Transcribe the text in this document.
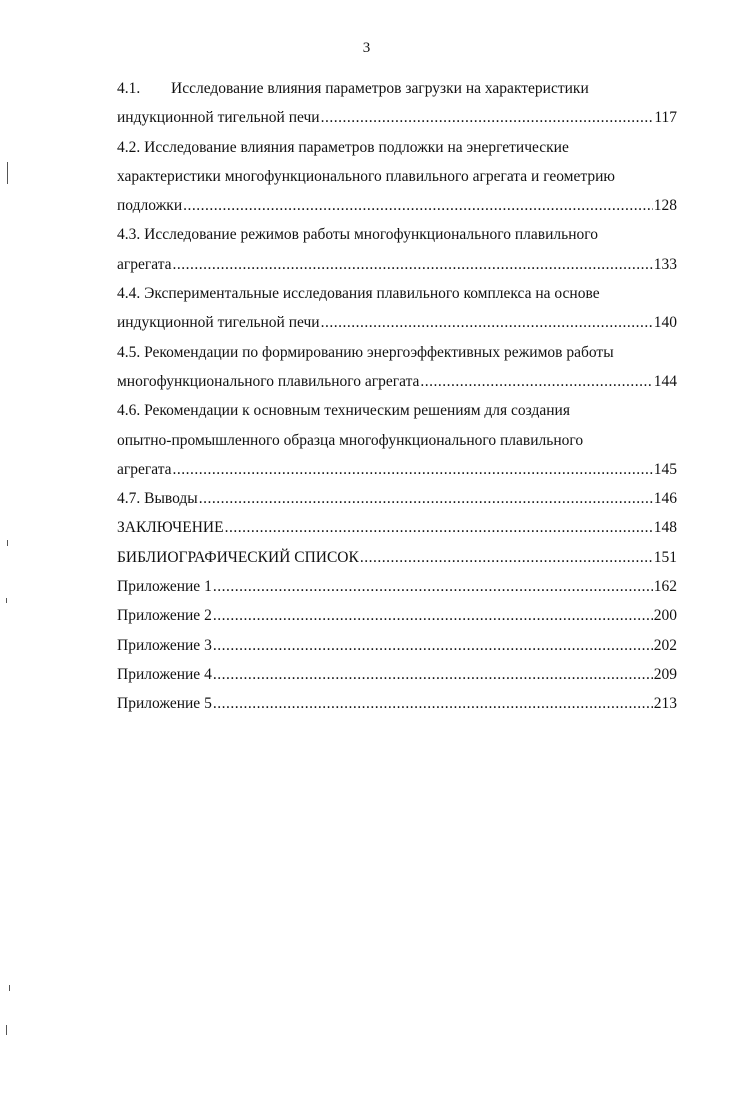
3
4.1.	Исследование влияния параметров загрузки на характеристики
индукционной тигельной печи .....	117
4.2. Исследование влияния параметров подложки на энергетические
характеристики многофункционального плавильного агрегата и геометрию
подложки .....	128
4.3. Исследование режимов работы многофункционального плавильного
агрегата .....	133
4.4. Экспериментальные исследования плавильного комплекса на основе
индукционной тигельной печи .....	140
4.5. Рекомендации по формированию энергоэффективных режимов работы
многофункционального плавильного агрегата .....	144
4.6. Рекомендации к основным техническим решениям для создания
опытно-промышленного образца многофункционального плавильного
агрегата .....	145
4.7. Выводы .....	146
ЗАКЛЮЧЕНИЕ .....	148
БИБЛИОГРАФИЧЕСКИЙ СПИСОК .....	151
Приложение 1 .....	162
Приложение 2 .....	200
Приложение 3 .....	202
Приложение 4 .....	209
Приложение 5 .....	213
